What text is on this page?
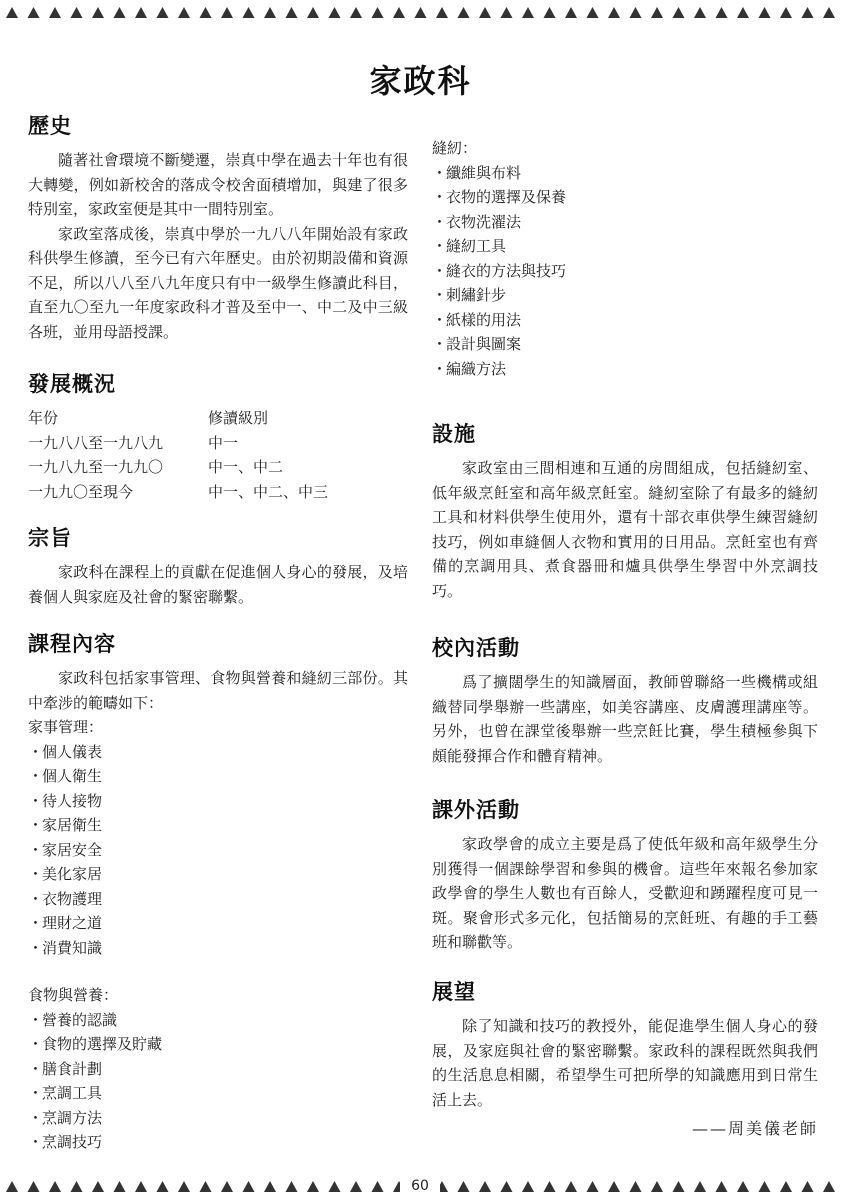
家政科
歷史

隨著社會環境不斷變遷，崇真中學在過去十年也有很大轉變，例如新校舍的落成令校舍面積增加，與建了很多特別室，家政室便是其中一間特別室。

家政室落成後，崇真中學於一九八八年開始設有家政科供學生修讀，至今已有六年歷史。由於初期設備和資源不足，所以八八至八九年度只有中一級學生修讀此科目，直至九〇至九一年度家政科才普及至中一、中二及中三級各班，並用母語授課。

發展概況
年份	修讀級別
一九八八至一九八九	中一
一九八九至一九九〇	中一、中二
一九九〇至現今	中一、中二、中三
宗旨

家政科在課程上的貢獻在促進個人身心的發展，及培養個人與家庭及社會的緊密聯繫。

課程內容

家政科包括家事管理、食物與營養和縫紉三部份。其中牽涉的範疇如下：

家事管理：
・個人儀表
・個人衛生
・待人接物
・家居衛生
・家居安全
・美化家居
・衣物護理
・理財之道
・消費知識
食物與營養：
・營養的認識
・食物的選擇及貯藏
・膳食計劃
・烹調工具
・烹調方法
・烹調技巧
縫紉：
・纖維與布料
・衣物的選擇及保養
・衣物洗濯法
・縫紉工具
・縫衣的方法與技巧
・刺繡針步
・紙樣的用法
・設計與圖案
・編織方法
設施

家政室由三間相連和互通的房間組成，包括縫紉室、低年級烹飪室和高年級烹飪室。縫紉室除了有最多的縫紉工具和材料供學生使用外，還有十部衣車供學生練習縫紉技巧，例如車縫個人衣物和實用的日用品。烹飪室也有齊備的烹調用具、煮食器冊和爐具供學生學習中外烹調技巧。

校內活動

爲了擴闊學生的知識層面，教師曾聯絡一些機構或組織替同學舉辦一些講座，如美容講座、皮膚護理講座等。另外，也曾在課堂後舉辦一些烹飪比賽，學生積極參與下頗能發揮合作和體育精神。

課外活動

家政學會的成立主要是爲了使低年級和高年級學生分別獲得一個課餘學習和參與的機會。這些年來報名參加家政學會的學生人數也有百餘人，受歡迎和踴躍程度可見一斑。聚會形式多元化，包括簡易的烹飪班、有趣的手工藝班和聯歡等。

展望

除了知識和技巧的教授外，能促進學生個人身心的發展，及家庭與社會的緊密聯繫。家政科的課程既然與我們的生活息息相關，希望學生可把所學的知識應用到日常生活上去。

——周美儀老師
60
